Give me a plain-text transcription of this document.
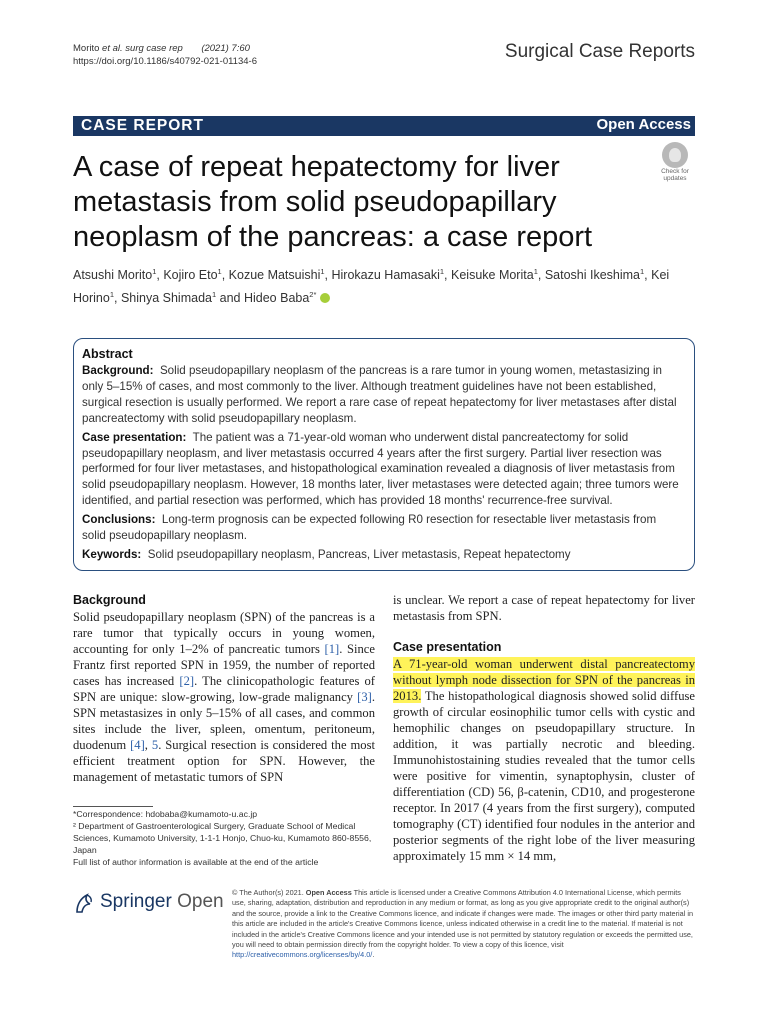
Morito et al. surg case rep (2021) 7:60
https://doi.org/10.1186/s40792-021-01134-6	Surgical Case Reports
CASE REPORT	Open Access
A case of repeat hepatectomy for liver metastasis from solid pseudopapillary neoplasm of the pancreas: a case report
Check for updates
Atsushi Morito$^1$, Kojiro Eto$^1$, Kozue Matsuishi$^1$, Hirokazu Hamasaki$^1$, Keisuke Morita$^1$, Satoshi Ikeshima$^1$, Kei Horino$^1$, Shinya Shimada$^1$ and Hideo Baba$^{2*}$
Abstract

Background: Solid pseudopapillary neoplasm of the pancreas is a rare tumor in young women, metastasizing in only 5–15% of cases, and most commonly to the liver. Although treatment guidelines have not been established, surgical resection is usually performed. We report a rare case of repeat hepatectomy for liver metastases after distal pancreatectomy with solid pseudopapillary neoplasm.

Case presentation: The patient was a 71-year-old woman who underwent distal pancreatectomy for solid pseudopapillary neoplasm, and liver metastasis occurred 4 years after the first surgery. Partial liver resection was performed for four liver metastases, and histopathological examination revealed a diagnosis of liver metastasis from solid pseudopapillary neoplasm. However, 18 months later, liver metastases were detected again; three tumors were identified, and partial resection was performed, which has provided 18 months' recurrence-free survival.

Conclusions: Long-term prognosis can be expected following R0 resection for resectable liver metastasis from solid pseudopapillary neoplasm.

Keywords: Solid pseudopapillary neoplasm, Pancreas, Liver metastasis, Repeat hepatectomy

Background
Solid pseudopapillary neoplasm (SPN) of the pancreas is a rare tumor that typically occurs in young women, accounting for only 1–2% of pancreatic tumors [1]. Since Frantz first reported SPN in 1959, the number of reported cases has increased [2]. The clinicopathologic features of SPN are unique: slow-growing, low-grade malignancy [3]. SPN metastasizes in only 5–15% of all cases, and common sites include the liver, spleen, omentum, peritoneum, duodenum [4], 5. Surgical resection is considered the most efficient treatment option for SPN. However, the management of metastatic tumors of SPN
is unclear. We report a case of repeat hepatectomy for liver metastasis from SPN.
Case presentation
A 71-year-old woman underwent distal pancreatectomy without lymph node dissection for SPN of the pancreas in 2013. The histopathological diagnosis showed solid diffuse growth of circular eosinophilic tumor cells with cystic and hemophilic changes on pseudopapillary structure. In addition, it was partially necrotic and bleeding. Immunohistostaining studies revealed that the tumor cells were positive for vimentin, synaptophysin, cluster of differentiation (CD) 56, β-catenin, CD10, and progesterone receptor. In 2017 (4 years from the first surgery), computed tomography (CT) identified four nodules in the anterior and posterior segments of the right lobe of the liver measuring approximately 15 mm × 14 mm,
*Correspondence: hdobaba@kumamoto-u.ac.jp
² Department of Gastroenterological Surgery, Graduate School of Medical Sciences, Kumamoto University, 1-1-1 Honjo, Chuo-ku, Kumamoto 860-8556, Japan
Full list of author information is available at the end of the article
Springer Open © The Author(s) 2021. Open Access This article is licensed under a Creative Commons Attribution 4.0 International License, which permits use, sharing, adaptation, distribution and reproduction in any medium or format, as long as you give appropriate credit to the original author(s) and the source, provide a link to the Creative Commons licence, and indicate if changes were made. The images or other third party material in this article are included in the article's Creative Commons licence, unless indicated otherwise in a credit line to the material. If material is not included in the article's Creative Commons licence and your intended use is not permitted by statutory regulation or exceeds the permitted use, you will need to obtain permission directly from the copyright holder. To view a copy of this licence, visit http://creativecommons.org/licenses/by/4.0/.
